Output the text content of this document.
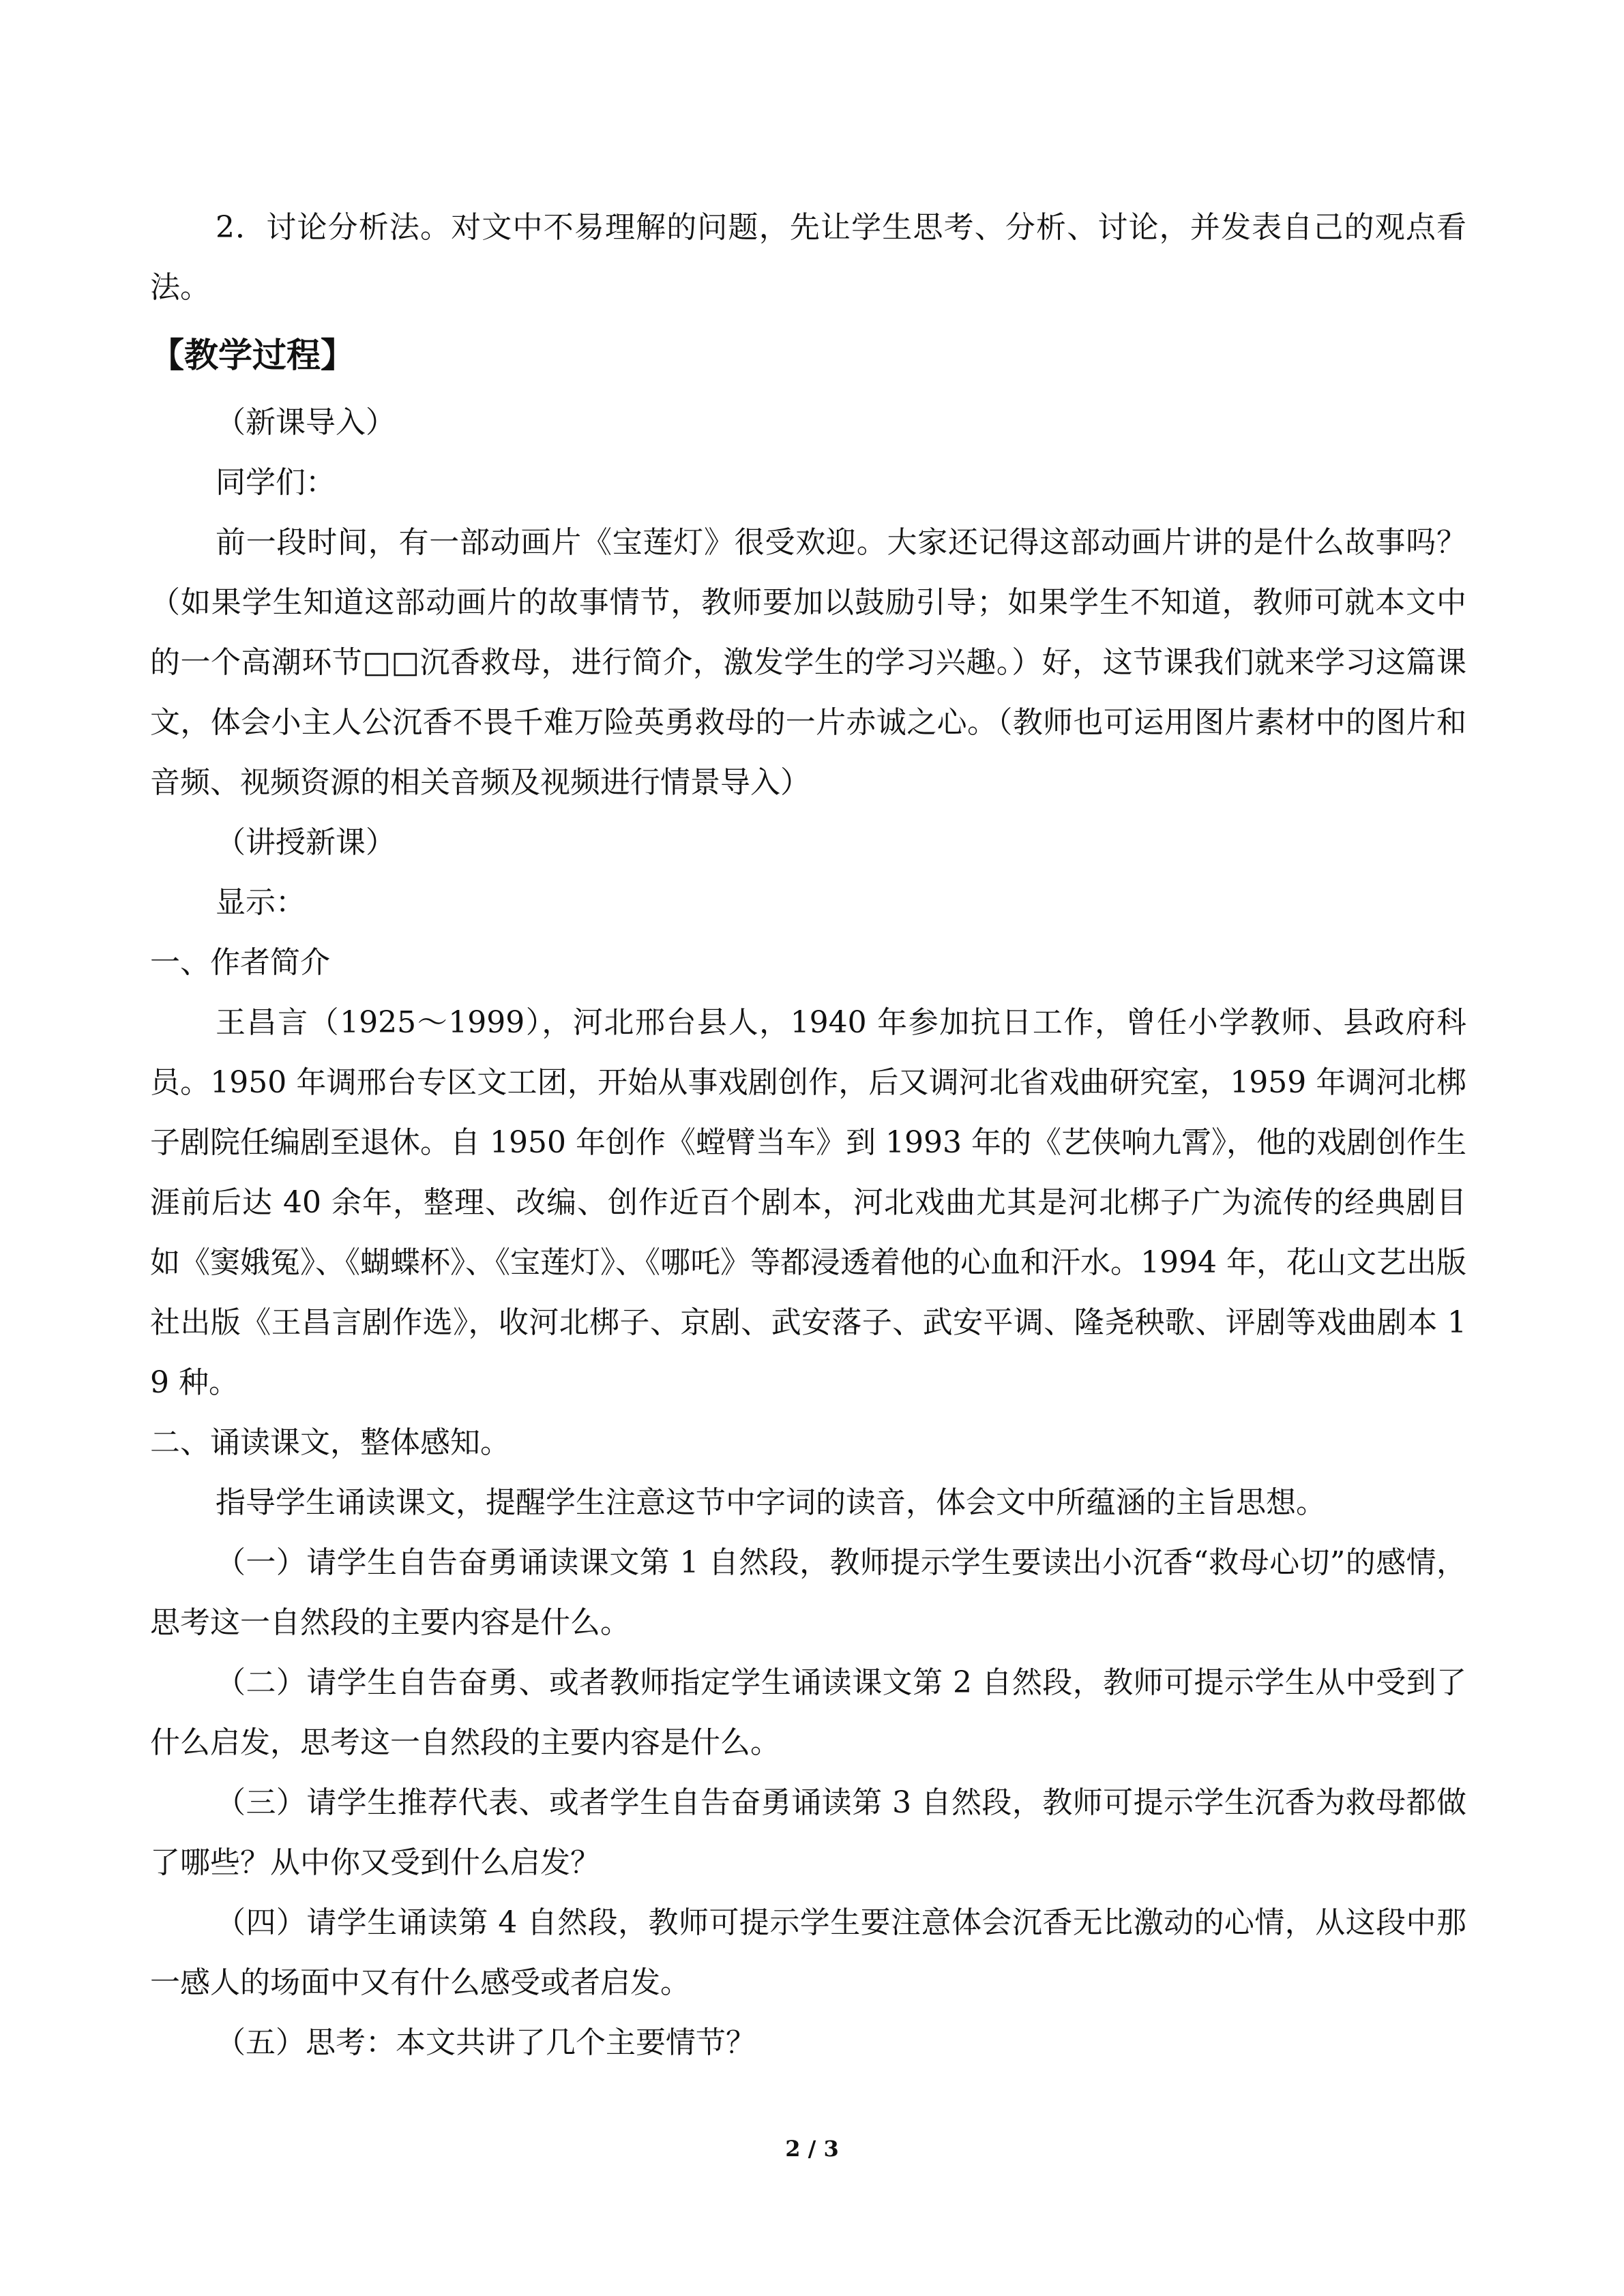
2．讨论分析法。对文中不易理解的问题，先让学生思考、分析、讨论，并发表自己的观点看法。

【教学过程】

（新课导入）

同学们：

前一段时间，有一部动画片《宝莲灯》很受欢迎。大家还记得这部动画片讲的是什么故事吗？（如果学生知道这部动画片的故事情节，教师要加以鼓励引导；如果学生不知道，教师可就本文中的一个高潮环节□□沉香救母，进行简介，激发学生的学习兴趣。）好，这节课我们就来学习这篇课文，体会小主人公沉香不畏千难万险英勇救母的一片赤诚之心。（教师也可运用图片素材中的图片和音频、视频资源的相关音频及视频进行情景导入）

（讲授新课）

显示：

一、作者简介

王昌言（1925～1999），河北邢台县人，1940 年参加抗日工作，曾任小学教师、县政府科员。1950 年调邢台专区文工团，开始从事戏剧创作，后又调河北省戏曲研究室，1959 年调河北梆子剧院任编剧至退休。自 1950 年创作《螳臂当车》到 1993 年的《艺侠响九霄》，他的戏剧创作生涯前后达 40 余年，整理、改编、创作近百个剧本，河北戏曲尤其是河北梆子广为流传的经典剧目如《窦娥冤》、《蝴蝶杯》、《宝莲灯》、《哪吒》等都浸透着他的心血和汗水。1994 年，花山文艺出版社出版《王昌言剧作选》，收河北梆子、京剧、武安落子、武安平调、隆尧秧歌、评剧等戏曲剧本 19 种。

二、诵读课文，整体感知。

指导学生诵读课文，提醒学生注意这节中字词的读音，体会文中所蕴涵的主旨思想。

（一）请学生自告奋勇诵读课文第 1 自然段，教师提示学生要读出小沉香“救母心切”的感情，思考这一自然段的主要内容是什么。

（二）请学生自告奋勇、或者教师指定学生诵读课文第 2 自然段，教师可提示学生从中受到了什么启发，思考这一自然段的主要内容是什么。

（三）请学生推荐代表、或者学生自告奋勇诵读第 3 自然段，教师可提示学生沉香为救母都做了哪些？从中你又受到什么启发？

（四）请学生诵读第 4 自然段，教师可提示学生要注意体会沉香无比激动的心情，从这段中那一感人的场面中又有什么感受或者启发。

（五）思考：本文共讲了几个主要情节？

2 / 3
